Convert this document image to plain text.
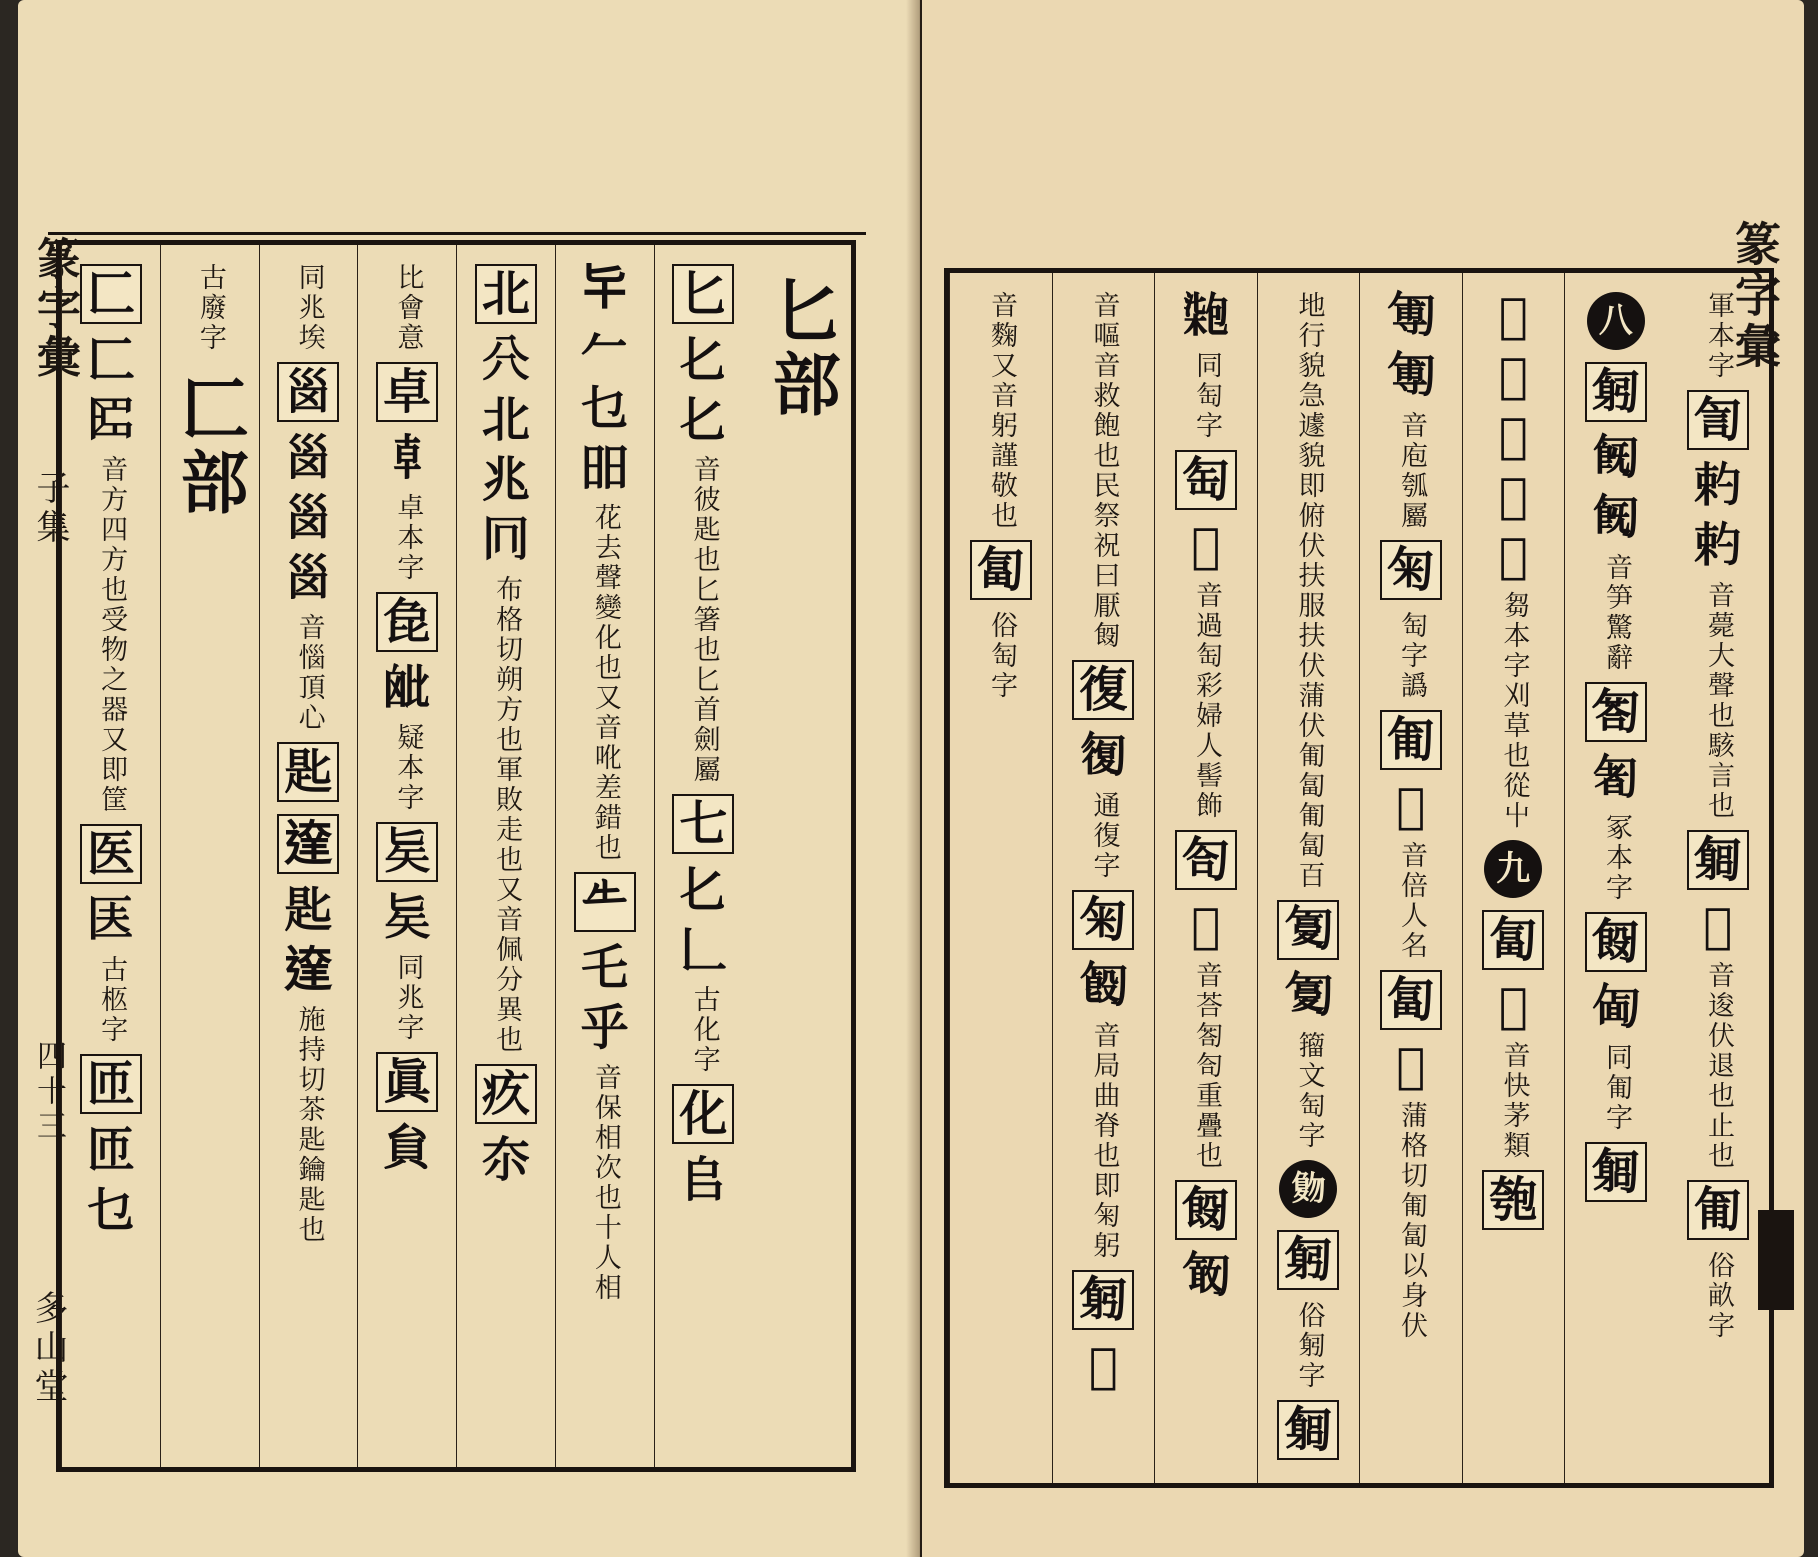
篆字彙
子集
四十三
多山堂
匕部
匕
𠤎
𠤎
音彼匙也匕箸也匕首劍屬
七
𠤎
𠃊
古化字
化
𠂤
𠤏
𠂉
乜
昍
花去聲變化也又音吪差錯也
𠂒
乇
乎
音保相次也十人相
北
𠔁
北
兆
𠔽
布格切朔方也軍敗走也又音佩分異也
疚
夵
比會意
卓
𠦝
卓本字
㲋
𣬈
疑本字
𠤕
𠤕
同兆字
眞
貟
同兆埃
𡿺
𡿺
𡿺
𡿺
音惱頂心
匙
𨔶
匙
𨔶
施持切茶匙鑰匙也
古廢字
匚部
匚
匚
𠥓
音方四方也受物之器又即筐
医
𠤱
古柩字
匝
匝
乜
篆字彙
軍本字
訇
𠣩
𠣩
音薨大聲也駭言也
匔
𠣭
音逡伏退也止也
匍
俗畝字
八
匑
𠣹
𠣹
音笋驚辭
匒
𠣰
冢本字
匓
𠣱
同匍字
匔
𠣲
𠣲
𠣲
𠣲
𠣳
芻本字刈草也從屮
九
匐
𠣴
音快茅類
匏
𠣵
𠣵
音庖瓠屬
匊
匋字譌
匍
𠣶
音倍人名
匐
𠣷
蒲格切匍匐以身伏
地行貌急遽貌即俯伏扶服扶伏蒲伏匍匐匍匐百
𠣸
𠣸
籀文匋字
𠤀
匑
俗匑字
匔
𠣺
同匋字
匋
𠣻
音過匋彩婦人髻飾
匌
𠣼
音荅匒匌重疊也
匓
𠣽
音嘔音救飽也民祭祝曰厭匓
復
𠣾
通復字
匊
𠣿
音局曲脊也即匊躬
匑
𠤁
音麴又音躬謹敬也
匐
俗匋字
